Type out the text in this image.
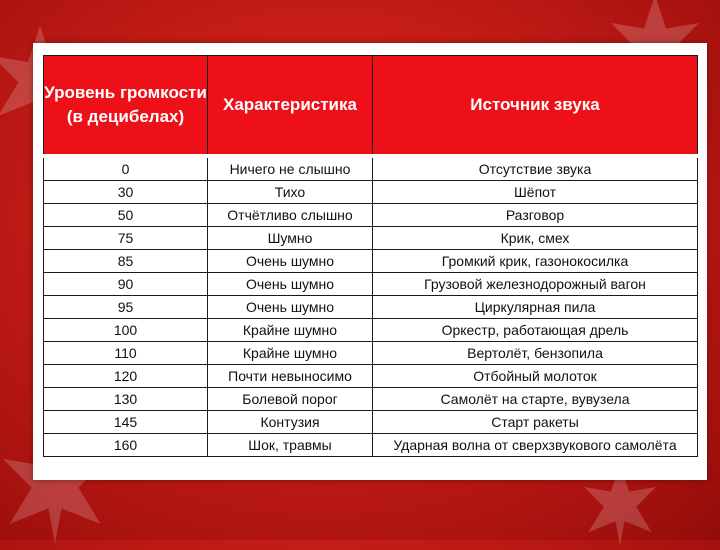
Уровень громкости (в децибелах)	Характеристика	Источник звука
0	Ничего не слышно	Отсутствие звука
30	Тихо	Шёпот
50	Отчётливо слышно	Разговор
75	Шумно	Крик, смех
85	Очень шумно	Громкий крик, газонокосилка
90	Очень шумно	Грузовой железнодорожный вагон
95	Очень шумно	Циркулярная пила
100	Крайне шумно	Оркестр, работающая дрель
110	Крайне шумно	Вертолёт, бензопила
120	Почти невыносимо	Отбойный молоток
130	Болевой порог	Самолёт на старте, вувузела
145	Контузия	Старт ракеты
160	Шок, травмы	Ударная волна от сверхзвукового самолёта
